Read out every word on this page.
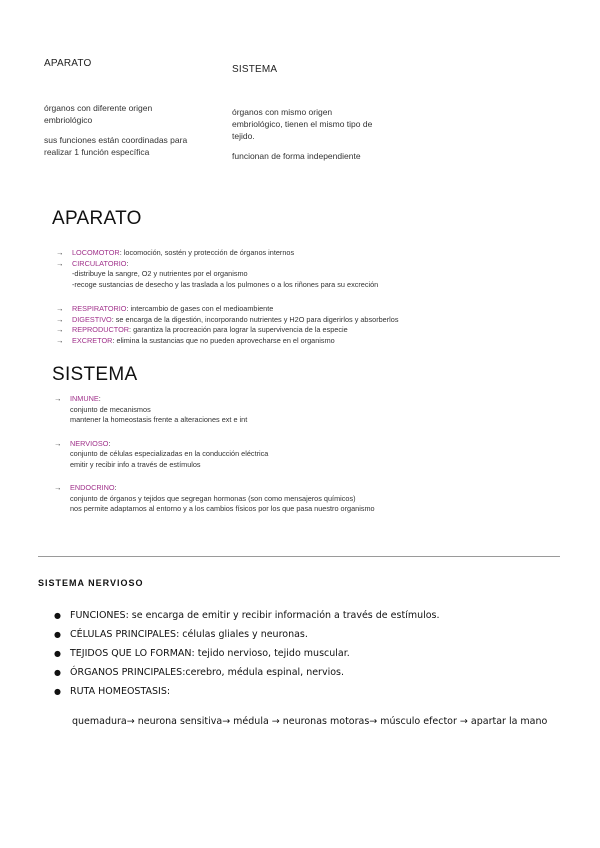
APARATO
SISTEMA
órganos con diferente origen
embriológico
sus funciones están coordinadas para
realizar 1 función específica
órganos con mismo origen
embriológico, tienen el mismo tipo de
tejido.
funcionan de forma independiente
APARATO
→	LOCOMOTOR: locomoción, sostén y protección de órganos internos
→	CIRCULATORIO:
-distribuye la sangre, O2 y nutrientes por el organismo
-recoge sustancias de desecho y las traslada a los pulmones o a los riñones para su excreción
→	RESPIRATORIO: intercambio de gases con el medioambiente
→	DIGESTIVO: se encarga de la digestión, incorporando nutrientes y H2O para digerirlos y absorberlos
→	REPRODUCTOR: garantiza la procreación para lograr la supervivencia de la especie
→	EXCRETOR: elimina la sustancias que no pueden aprovecharse en el organismo
SISTEMA
→	INMUNE:
conjunto de mecanismos
mantener la homeostasis frente a alteraciones ext e int
→	NERVIOSO:
conjunto de células especializadas en la conducción eléctrica
emitir y recibir info a través de estímulos
→	ENDOCRINO:
conjunto de órganos y tejidos que segregan hormonas (son como mensajeros químicos)
nos permite adaptarnos al entorno y a los cambios físicos por los que pasa nuestro organismo
SISTEMA NERVIOSO
● FUNCIONES: se encarga de emitir y recibir información a través de estímulos.
● CÉLULAS PRINCIPALES: células gliales y neuronas.
● TEJIDOS QUE LO FORMAN: tejido nervioso, tejido muscular.
● ÓRGANOS PRINCIPALES:cerebro, médula espinal, nervios.
● RUTA HOMEOSTASIS:
quemadura→ neurona sensitiva→ médula → neuronas motoras→ músculo efector → apartar la mano
